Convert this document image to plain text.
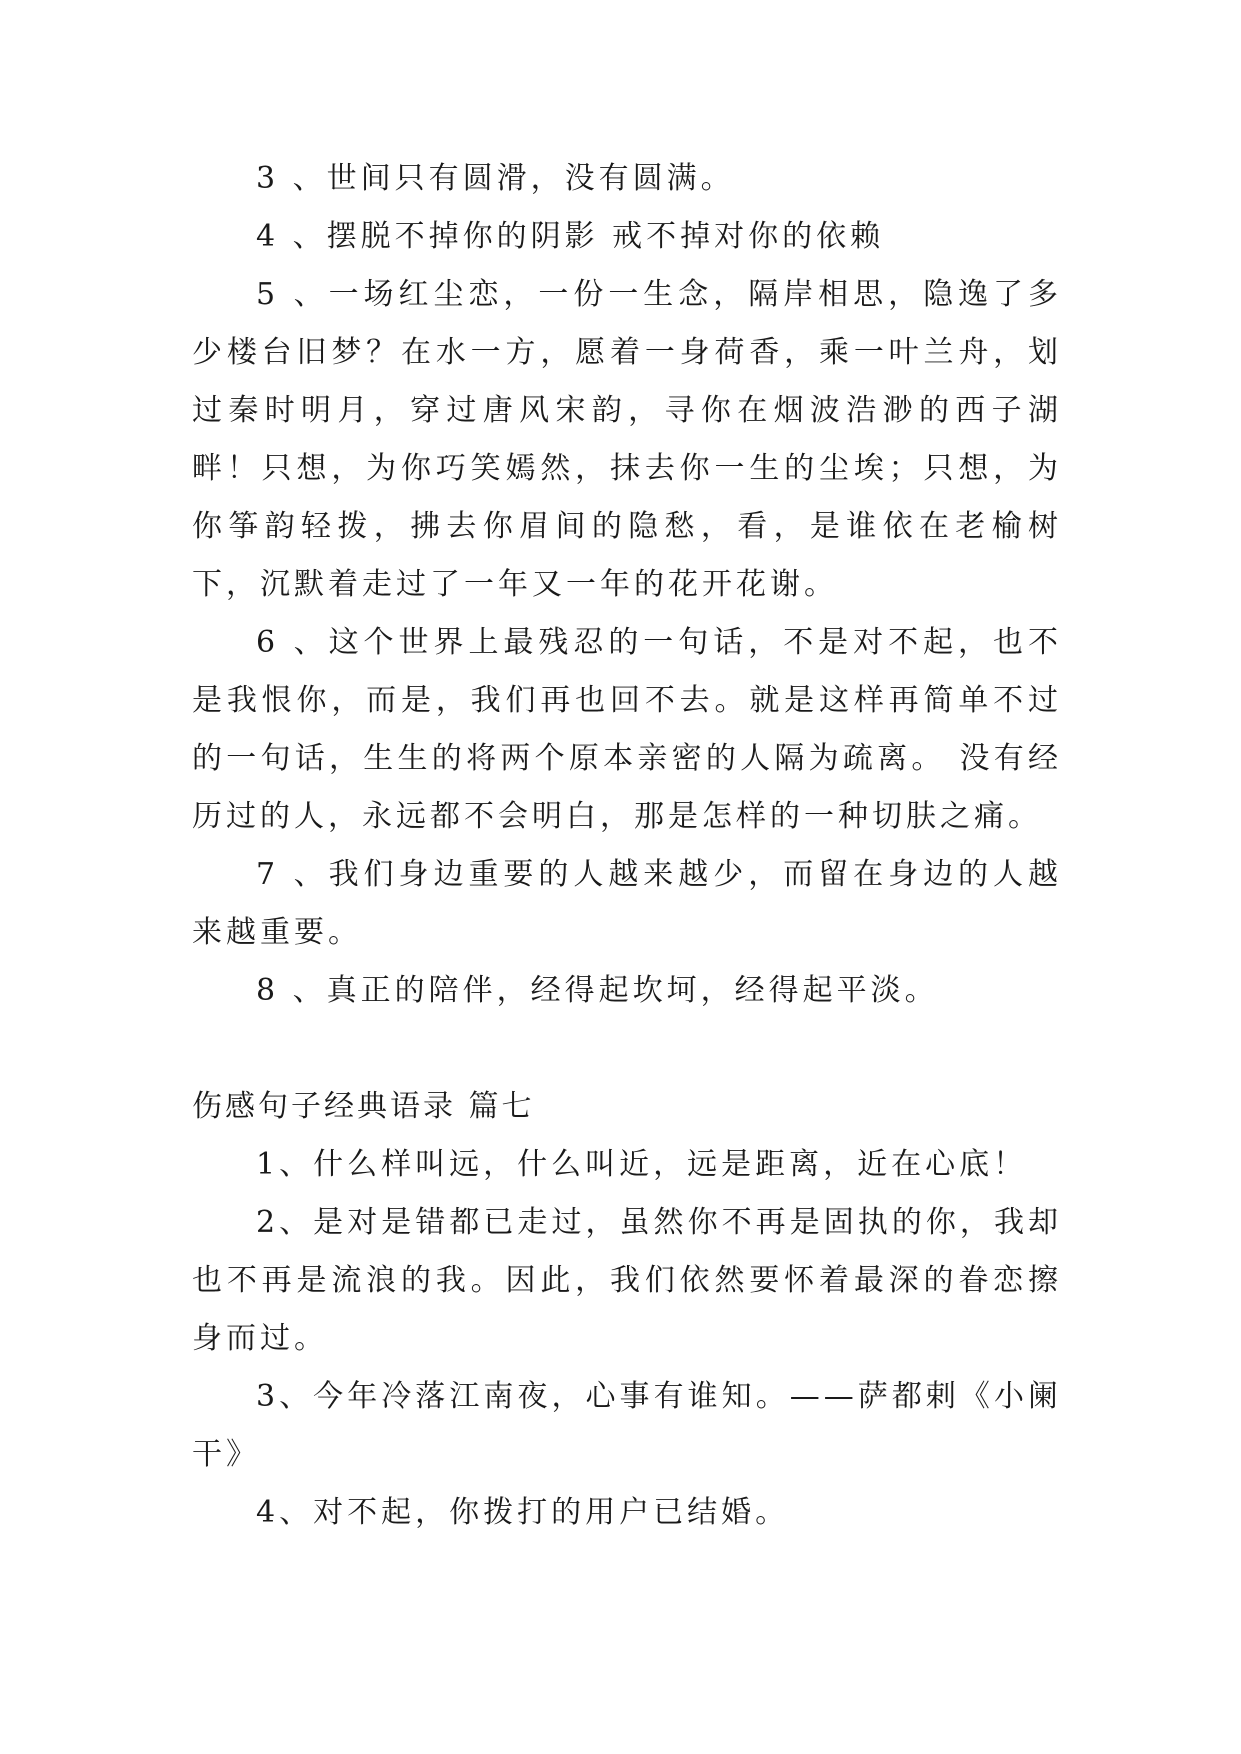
3 、世间只有圆滑，没有圆满。

4 、摆脱不掉你的阴影 戒不掉对你的依赖

5 、一场红尘恋，一份一生念，隔岸相思，隐逸了多少楼台旧梦？在水一方，愿着一身荷香，乘一叶兰舟，划过秦时明月，穿过唐风宋韵，寻你在烟波浩渺的西子湖畔！只想，为你巧笑嫣然，抹去你一生的尘埃；只想，为你筝韵轻拨，拂去你眉间的隐愁，看，是谁依在老榆树下，沉默着走过了一年又一年的花开花谢。

6 、这个世界上最残忍的一句话，不是对不起，也不是我恨你，而是，我们再也回不去。就是这样再简单不过的一句话，生生的将两个原本亲密的人隔为疏离。 没有经历过的人，永远都不会明白，那是怎样的一种切肤之痛。

7 、我们身边重要的人越来越少，而留在身边的人越来越重要。

8 、真正的陪伴，经得起坎坷，经得起平淡。

伤感句子经典语录 篇七

1、什么样叫远，什么叫近，远是距离，近在心底！

2、是对是错都已走过，虽然你不再是固执的你，我却也不再是流浪的我。因此，我们依然要怀着最深的眷恋擦身而过。

3、今年冷落江南夜，心事有谁知。——萨都剌《小阑干》

4、对不起，你拨打的用户已结婚。
